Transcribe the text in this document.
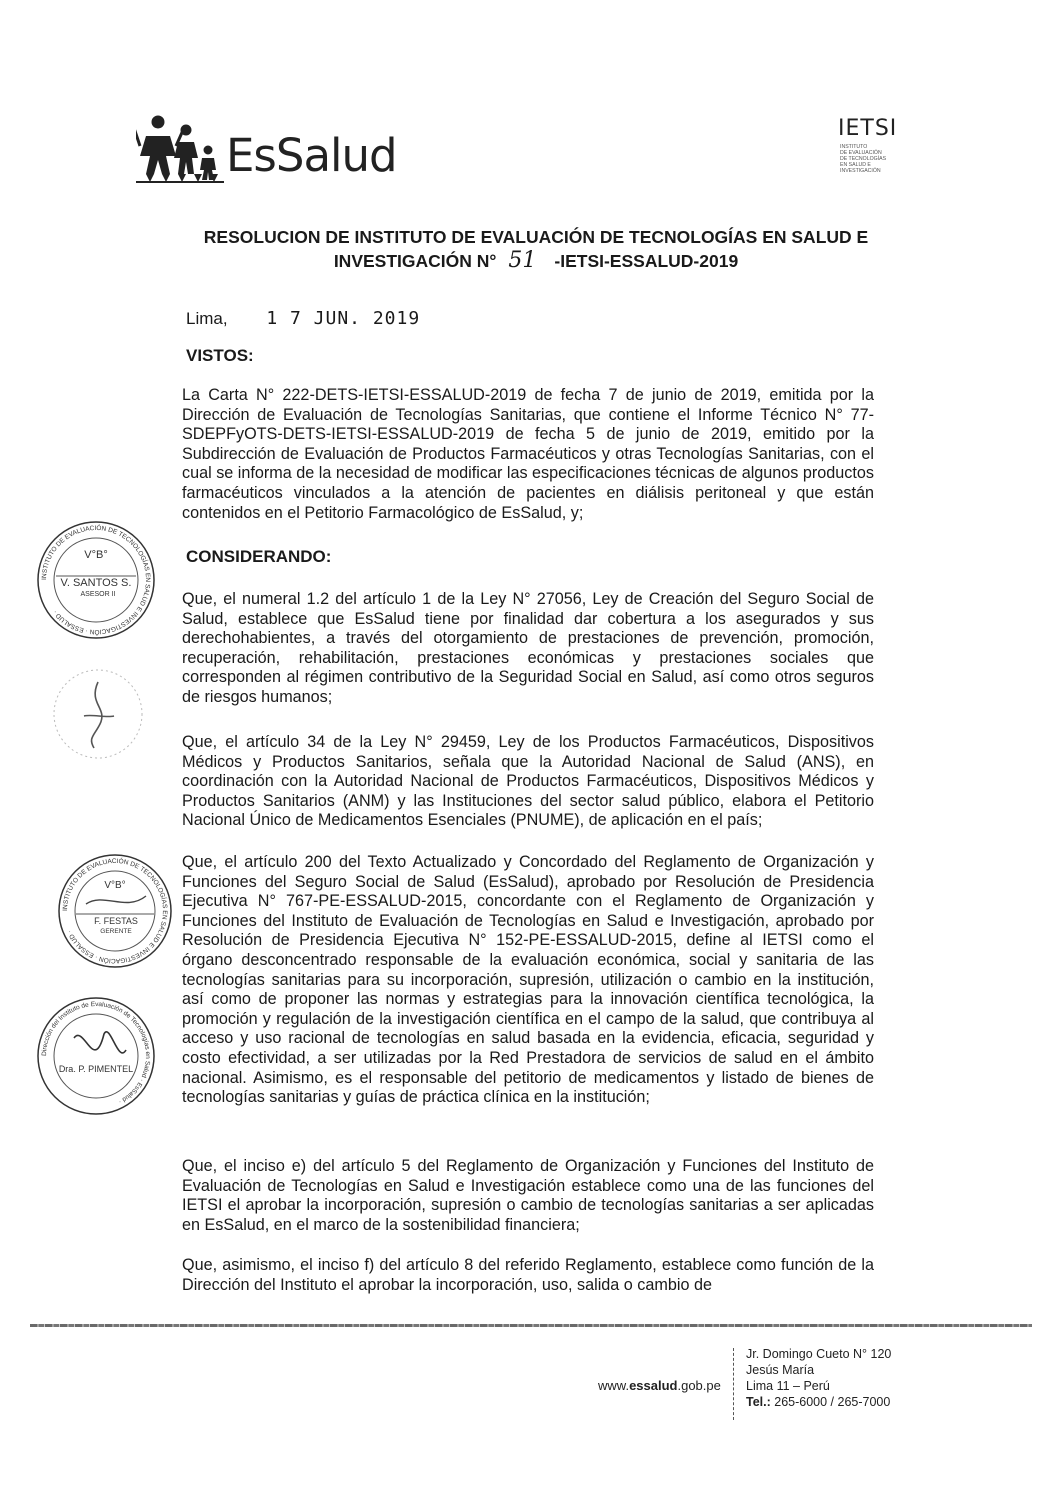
EsSalud
IETSI
INSTITUTO
DE EVALUACIÓN
DE TECNOLOGÍAS
EN SALUD E
INVESTIGACIÓN
RESOLUCION DE INSTITUTO DE EVALUACIÓN DE TECNOLOGÍAS EN SALUD E
INVESTIGACIÓN N° 51 -IETSI-ESSALUD-2019
Lima, 1 7 JUN. 2019
VISTOS:
La Carta N° 222-DETS-IETSI-ESSALUD-2019 de fecha 7 de junio de 2019, emitida por la Dirección de Evaluación de Tecnologías Sanitarias, que contiene el Informe Técnico N° 77-SDEPFyOTS-DETS-IETSI-ESSALUD-2019 de fecha 5 de junio de 2019, emitido por la Subdirección de Evaluación de Productos Farmacéuticos y otras Tecnologías Sanitarias, con el cual se informa de la necesidad de modificar las especificaciones técnicas de algunos productos farmacéuticos vinculados a la atención de pacientes en diálisis peritoneal y que están contenidos en el Petitorio Farmacológico de EsSalud, y;
CONSIDERANDO:
Que, el numeral 1.2 del artículo 1 de la Ley N° 27056, Ley de Creación del Seguro Social de Salud, establece que EsSalud tiene por finalidad dar cobertura a los asegurados y sus derechohabientes, a través del otorgamiento de prestaciones de prevención, promoción, recuperación, rehabilitación, prestaciones económicas y prestaciones sociales que corresponden al régimen contributivo de la Seguridad Social en Salud, así como otros seguros de riesgos humanos;
Que, el artículo 34 de la Ley N° 29459, Ley de los Productos Farmacéuticos, Dispositivos Médicos y Productos Sanitarios, señala que la Autoridad Nacional de Salud (ANS), en coordinación con la Autoridad Nacional de Productos Farmacéuticos, Dispositivos Médicos y Productos Sanitarios (ANM) y las Instituciones del sector salud público, elabora el Petitorio Nacional Único de Medicamentos Esenciales (PNUME), de aplicación en el país;
Que, el artículo 200 del Texto Actualizado y Concordado del Reglamento de Organización y Funciones del Seguro Social de Salud (EsSalud), aprobado por Resolución de Presidencia Ejecutiva N° 767-PE-ESSALUD-2015, concordante con el Reglamento de Organización y Funciones del Instituto de Evaluación de Tecnologías en Salud e Investigación, aprobado por Resolución de Presidencia Ejecutiva N° 152-PE-ESSALUD-2015, define al IETSI como el órgano desconcentrado responsable de la evaluación económica, social y sanitaria de las tecnologías sanitarias para su incorporación, supresión, utilización o cambio en la institución, así como de proponer las normas y estrategias para la innovación científica tecnológica, la promoción y regulación de la investigación científica en el campo de la salud, que contribuya al acceso y uso racional de tecnologías en salud basada en la evidencia, eficacia, seguridad y costo efectividad, a ser utilizadas por la Red Prestadora de servicios de salud en el ámbito nacional. Asimismo, es el responsable del petitorio de medicamentos y listado de bienes de tecnologías sanitarias y guías de práctica clínica en la institución;
Que, el inciso e) del artículo 5 del Reglamento de Organización y Funciones del Instituto de Evaluación de Tecnologías en Salud e Investigación establece como una de las funciones del IETSI el aprobar la incorporación, supresión o cambio de tecnologías sanitarias a ser aplicadas en EsSalud, en el marco de la sostenibilidad financiera;
Que, asimismo, el inciso f) del artículo 8 del referido Reglamento, establece como función de la Dirección del Instituto el aprobar la incorporación, uso, salida o cambio de
INSTITUTO DE EVALUACIÓN DE TECNOLOGÍAS EN SALUD E INVESTIGACIÓN · ESSALUD ·
V°B°
V. SANTOS S.
ASESOR II
INSTITUTO DE EVALUACIÓN DE TECNOLOGÍAS EN SALUD E INVESTIGACIÓN · ESSALUD ·
V°B°
F. FESTAS
GERENTE
Dirección del Instituto de Evaluación de Tecnologías en Salud · EsSalud ·
Dra. P. PIMENTEL
www.essalud.gob.pe
Jr. Domingo Cueto N° 120
Jesús María
Lima 11 – Perú
Tel.: 265-6000 / 265-7000
